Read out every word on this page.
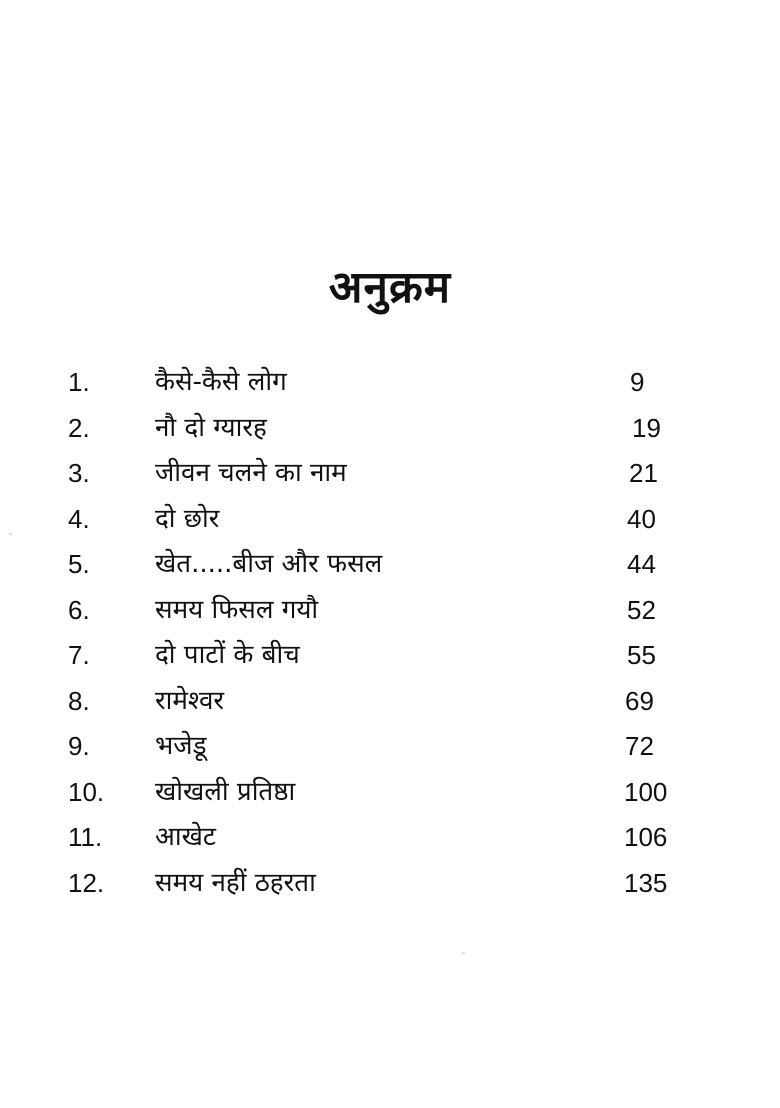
अनुक्रम
1.	कैसे-कैसे लोग	9
2.	नौ दो ग्यारह	19
3.	जीवन चलने का नाम	21
4.	दो छोर	40
5.	खेत.....बीज और फसल	44
6.	समय फिसल गयौ	52
7.	दो पाटों के बीच	55
8.	रामेश्वर	69
9.	भजेडू	72
10. खोखली प्रतिष्ठा	100
11. आखेट	106
12. समय नहीं ठहरता	135
